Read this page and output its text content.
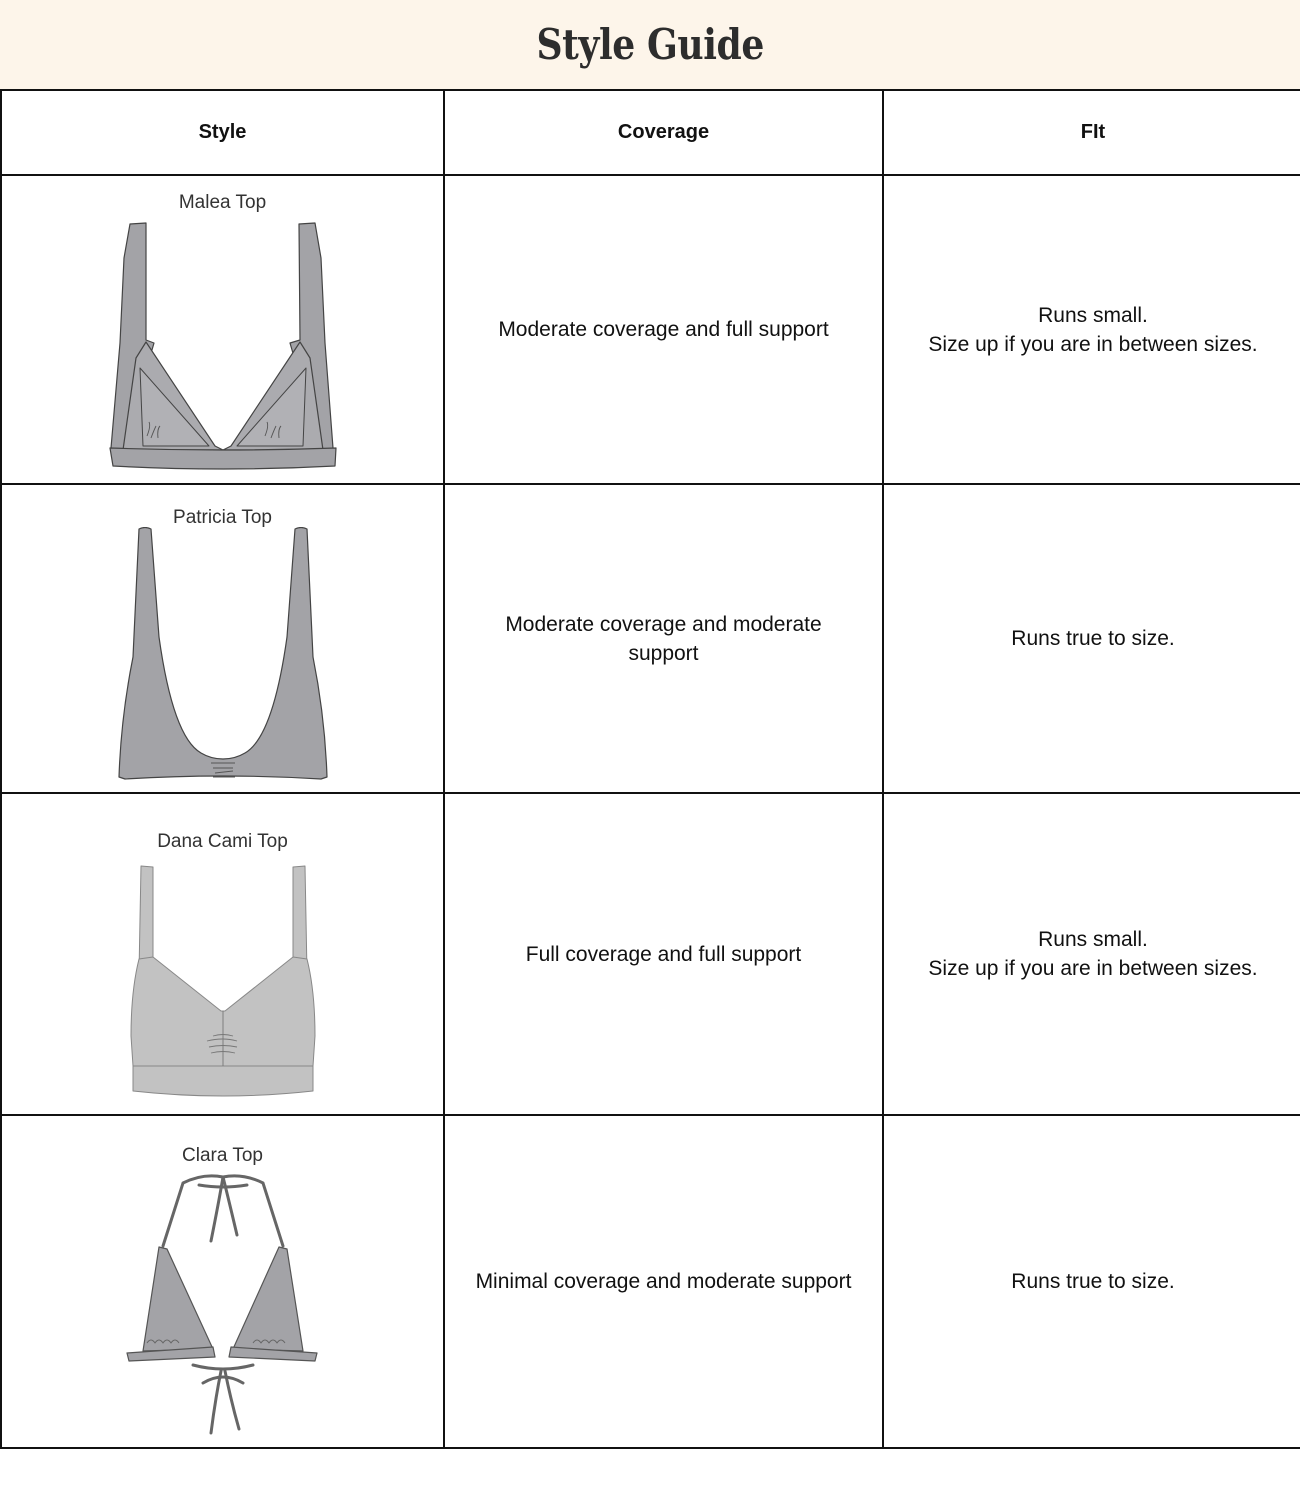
Style Guide
Style	Coverage	FIt

Malea Top	Moderate coverage and full support	Runs small.
Size up if you are in between sizes.

Patricia Top	Moderate coverage and moderate support	Runs true to size.

Dana Cami Top	Full coverage and full support	Runs small.
Size up if you are in between sizes.

Clara Top	Minimal coverage and moderate support	Runs true to size.
